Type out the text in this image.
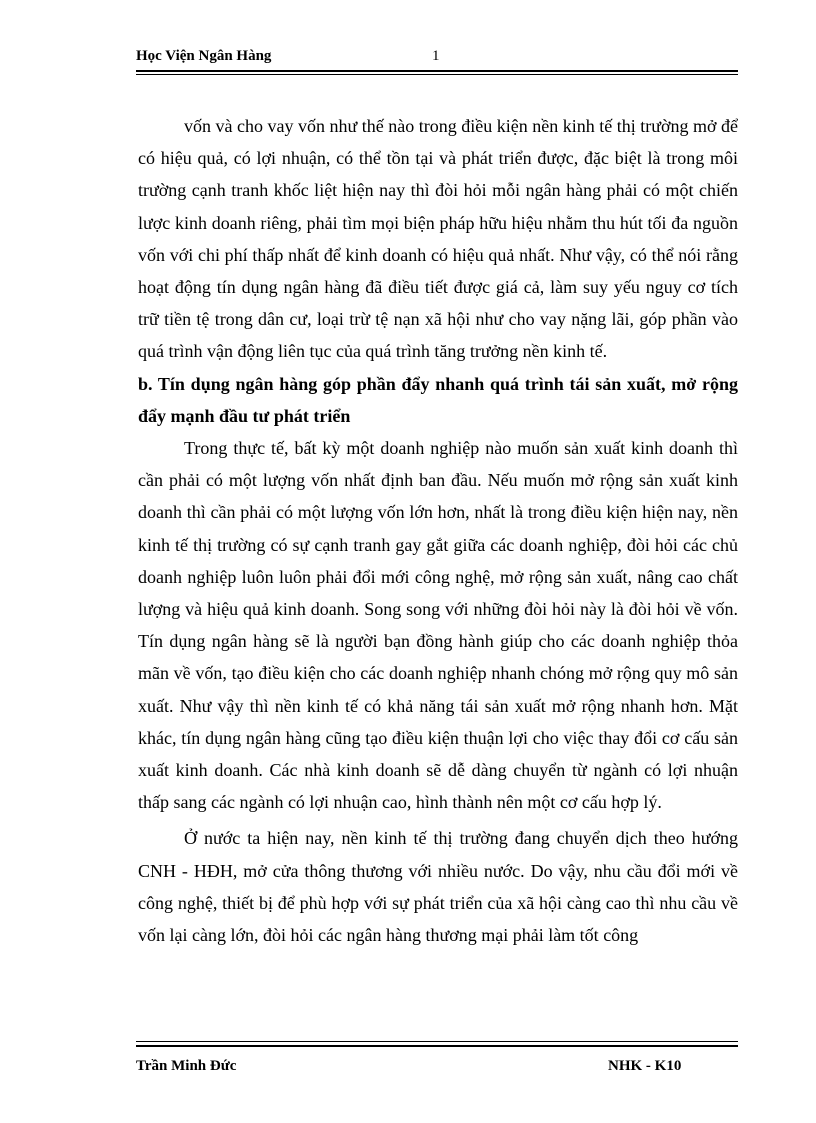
Học Viện Ngân Hàng	1

vốn và cho vay vốn như thế nào trong điều kiện nền kinh tế thị trường mở để có hiệu quả, có lợi nhuận, có thể tồn tại và phát triển được, đặc biệt là trong môi trường cạnh tranh khốc liệt hiện nay thì đòi hỏi mỗi ngân hàng phải có một chiến lược kinh doanh riêng, phải tìm mọi biện pháp hữu hiệu nhằm thu hút tối đa nguồn vốn với chi phí thấp nhất để kinh doanh có hiệu quả nhất. Như vậy, có thể nói rằng hoạt động tín dụng ngân hàng đã điều tiết được giá cả, làm suy yếu nguy cơ tích trữ tiền tệ trong dân cư, loại trừ tệ nạn xã hội như cho vay nặng lãi, góp phần vào quá trình vận động liên tục của quá trình tăng trưởng nền kinh tế.

b. Tín dụng ngân hàng góp phần đẩy nhanh quá trình tái sản xuất, mở rộng đẩy mạnh đầu tư phát triển

Trong thực tế, bất kỳ một doanh nghiệp nào muốn sản xuất kinh doanh thì cần phải có một lượng vốn nhất định ban đầu. Nếu muốn mở rộng sản xuất kinh doanh thì cần phải có một lượng vốn lớn hơn, nhất là trong điều kiện hiện nay, nền kinh tế thị trường có sự cạnh tranh gay gắt giữa các doanh nghiệp, đòi hỏi các chủ doanh nghiệp luôn luôn phải đổi mới công nghệ, mở rộng sản xuất, nâng cao chất lượng và hiệu quả kinh doanh. Song song với những đòi hỏi này là đòi hỏi về vốn. Tín dụng ngân hàng sẽ là người bạn đồng hành giúp cho các doanh nghiệp thỏa mãn về vốn, tạo điều kiện cho các doanh nghiệp nhanh chóng mở rộng quy mô sản xuất. Như vậy thì nền kinh tế có khả năng tái sản xuất mở rộng nhanh hơn. Mặt khác, tín dụng ngân hàng cũng tạo điều kiện thuận lợi cho việc thay đổi cơ cấu sản xuất kinh doanh. Các nhà kinh doanh sẽ dễ dàng chuyển từ ngành có lợi nhuận thấp sang các ngành có lợi nhuận cao, hình thành nên một cơ cấu hợp lý.

Ở nước ta hiện nay, nền kinh tế thị trường đang chuyển dịch theo hướng CNH - HĐH, mở cửa thông thương với nhiều nước. Do vậy, nhu cầu đổi mới về công nghệ, thiết bị để phù hợp với sự phát triển của xã hội càng cao thì nhu cầu về vốn lại càng lớn, đòi hỏi các ngân hàng thương mại phải làm tốt công

Trần Minh Đức	NHK - K10
